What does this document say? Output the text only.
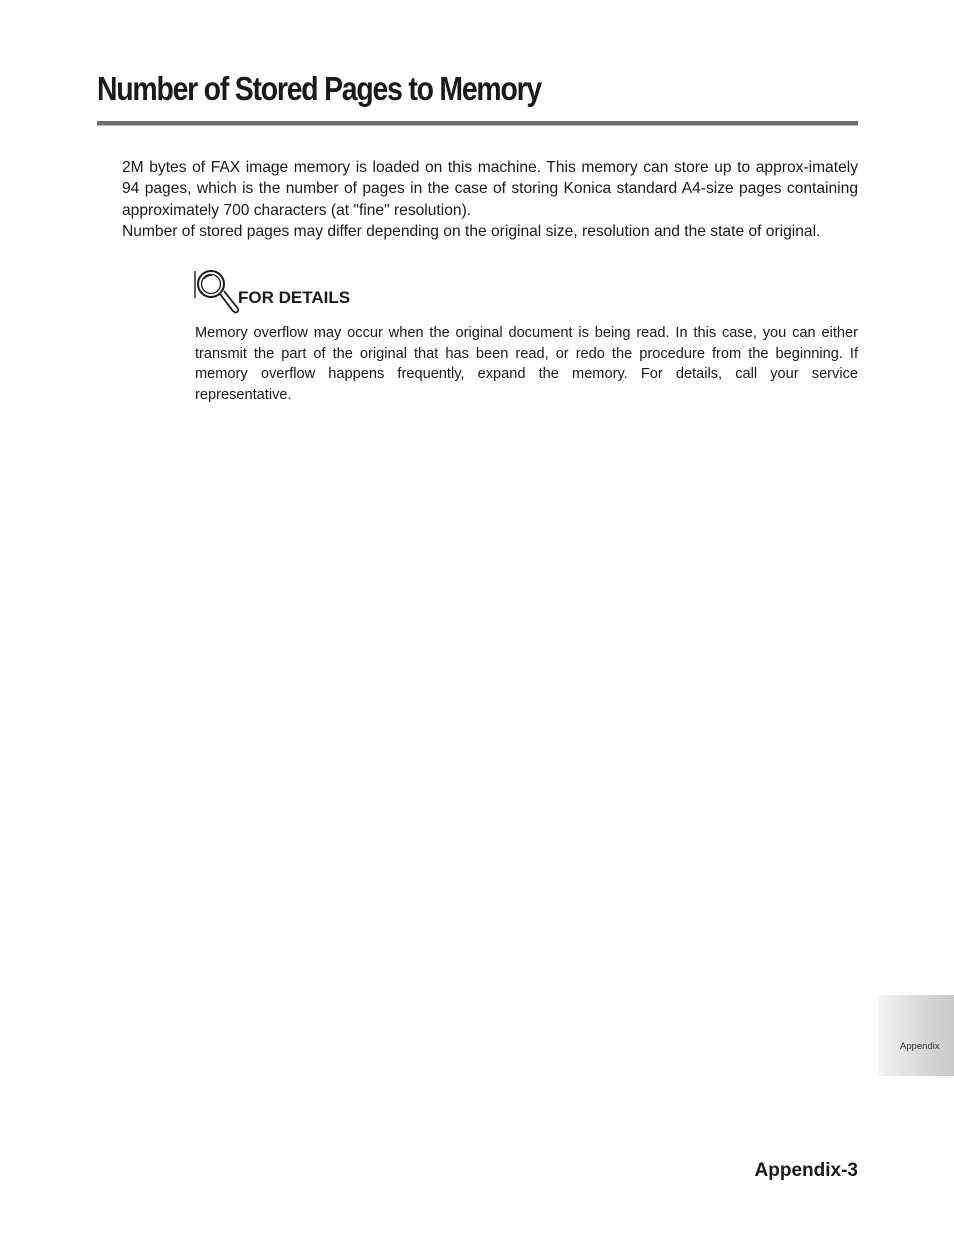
Number of Stored Pages to Memory

2M bytes of FAX image memory is loaded on this machine. This memory can store up to approx-imately 94 pages, which is the number of pages in the case of storing Konica standard A4-size pages containing approximately 700 characters (at "fine" resolution).

Number of stored pages may differ depending on the original size, resolution and the state of original.

FOR DETAILS

Memory overflow may occur when the original document is being read. In this case, you can either transmit the part of the original that has been read, or redo the procedure from the beginning. If memory overflow happens frequently, expand the memory. For details, call your service representative.

Appendix
Appendix-3
